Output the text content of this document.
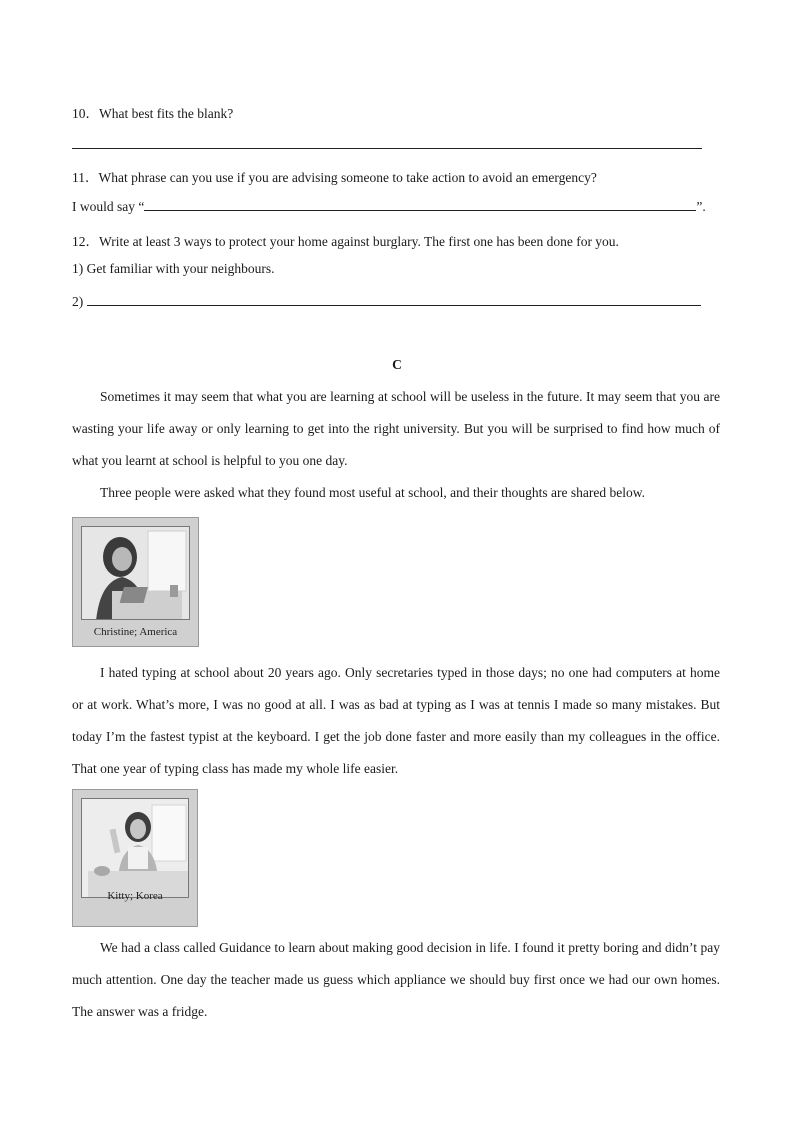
10．What best fits the blank?
11．What phrase can you use if you are advising someone to take action to avoid an emergency?
I would say “	”.
12．Write at least 3 ways to protect your home against burglary. The first one has been done for you.
1) Get familiar with your neighbours.
2)
C

Sometimes it may seem that what you are learning at school will be useless in the future. It may seem that you are wasting your life away or only learning to get into the right university. But you will be surprised to find how much of what you learnt at school is helpful to you one day.

Three people were asked what they found most useful at school, and their thoughts are shared below.

Christine; America

I hated typing at school about 20 years ago. Only secretaries typed in those days; no one had computers at home or at work. What’s more, I was no good at all. I was as bad at typing as I was at tennis I made so many mistakes. But today I’m the fastest typist at the keyboard. I get the job done faster and more easily than my colleagues in the office. That one year of typing class has made my whole life easier.

Kitty; Korea

We had a class called Guidance to learn about making good decision in life. I found it pretty boring and didn’t pay much attention. One day the teacher made us guess which appliance we should buy first once we had our own homes. The answer was a fridge.
